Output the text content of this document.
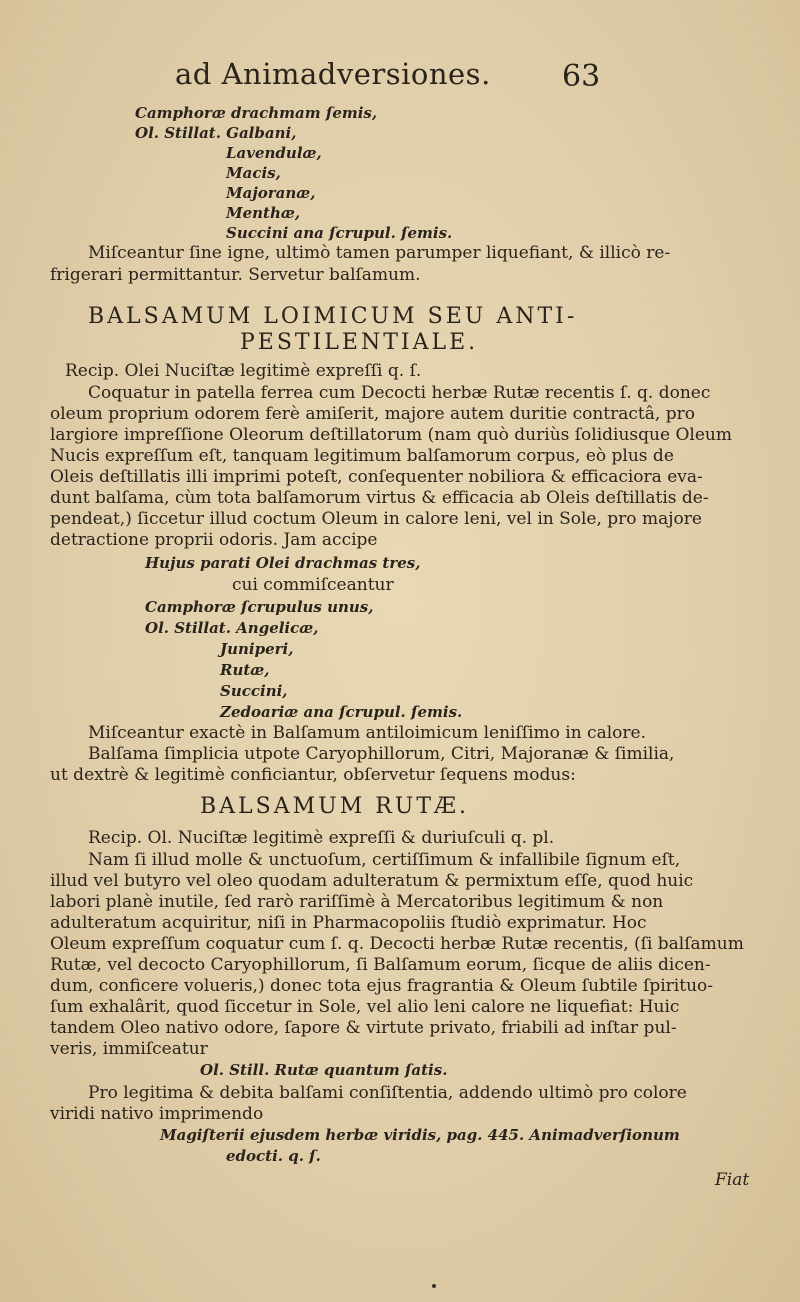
ad Animadversiones. 63
Camphoræ drachmam ſemis,
Ol. Stillat. Galbani,
Lavendulæ,
Macis,
Majoranæ,
Menthæ,
Succini ana ſcrupul. ſemis.
Miſceantur ſine igne, ultimò tamen parumper liquefiant, & illicò re-
frigerari permittantur. Servetur balſamum.
BALSAMUM LOIMICUM SEU ANTI-
PESTILENTIALE.
Recip. Olei Nuciſtæ legitimè expreſſi q. ſ.
Coquatur in patella ferrea cum Decocti herbæ Rutæ recentis ſ. q. donec
oleum proprium odorem ferè amiſerit, majore autem duritie contractâ, pro
largiore impreſſione Oleorum deſtillatorum (nam quò duriùs ſolidiusque Oleum
Nucis expreſſum eſt, tanquam legitimum balſamorum corpus, eò plus de
Oleis deſtillatis illi imprimi poteſt, conſequenter nobiliora & efficaciora eva-
dunt balſama, cùm tota balſamorum virtus & efficacia ab Oleis deſtillatis de-
pendeat,) ſiccetur illud coctum Oleum in calore leni, vel in Sole, pro majore
detractione proprii odoris. Jam accipe
Hujus parati Olei drachmas tres,
cui commiſceantur
Camphoræ ſcrupulus unus,
Ol. Stillat. Angelicæ,
Juniperi,
Rutæ,
Succini,
Zedoariæ ana ſcrupul. ſemis.
Miſceantur exactè in Balſamum antiloimicum leniſſimo in calore.
Balſama ſimplicia utpote Caryophillorum, Citri, Majoranæ & ſimilia,
ut dextrè & legitimè conficiantur, obſervetur ſequens modus:
BALSAMUM RUTÆ.
Recip. Ol. Nuciſtæ legitimè expreſſi & duriuſculi q. pl.
Nam ſi illud molle & unctuoſum, certiſſimum & infallibile ſignum eſt,
illud vel butyro vel oleo quodam adulteratum & permixtum eſſe, quod huic
labori planè inutile, ſed rarò rariſſimè à Mercatoribus legitimum & non
adulteratum acquiritur, niſi in Pharmacopoliis ſtudiò exprimatur. Hoc
Oleum expreſſum coquatur cum ſ. q. Decocti herbæ Rutæ recentis, (ſi balſamum
Rutæ, vel decocto Caryophillorum, ſi Balſamum eorum, ſicque de aliis dicen-
dum, conficere volueris,) donec tota ejus fragrantia & Oleum ſubtile ſpirituo-
ſum exhalârit, quod ſiccetur in Sole, vel alio leni calore ne liquefiat: Huic
tandem Oleo nativo odore, ſapore & virtute privato, friabili ad inſtar pul-
veris, immiſceatur
Ol. Still. Rutæ quantum ſatis.
Pro legitima & debita balſami conſiſtentia, addendo ultimò pro colore
viridi nativo imprimendo
Magiſterii ejusdem herbæ viridis, pag. 445. Animadverſionum
edocti. q. ſ.
Fiat
